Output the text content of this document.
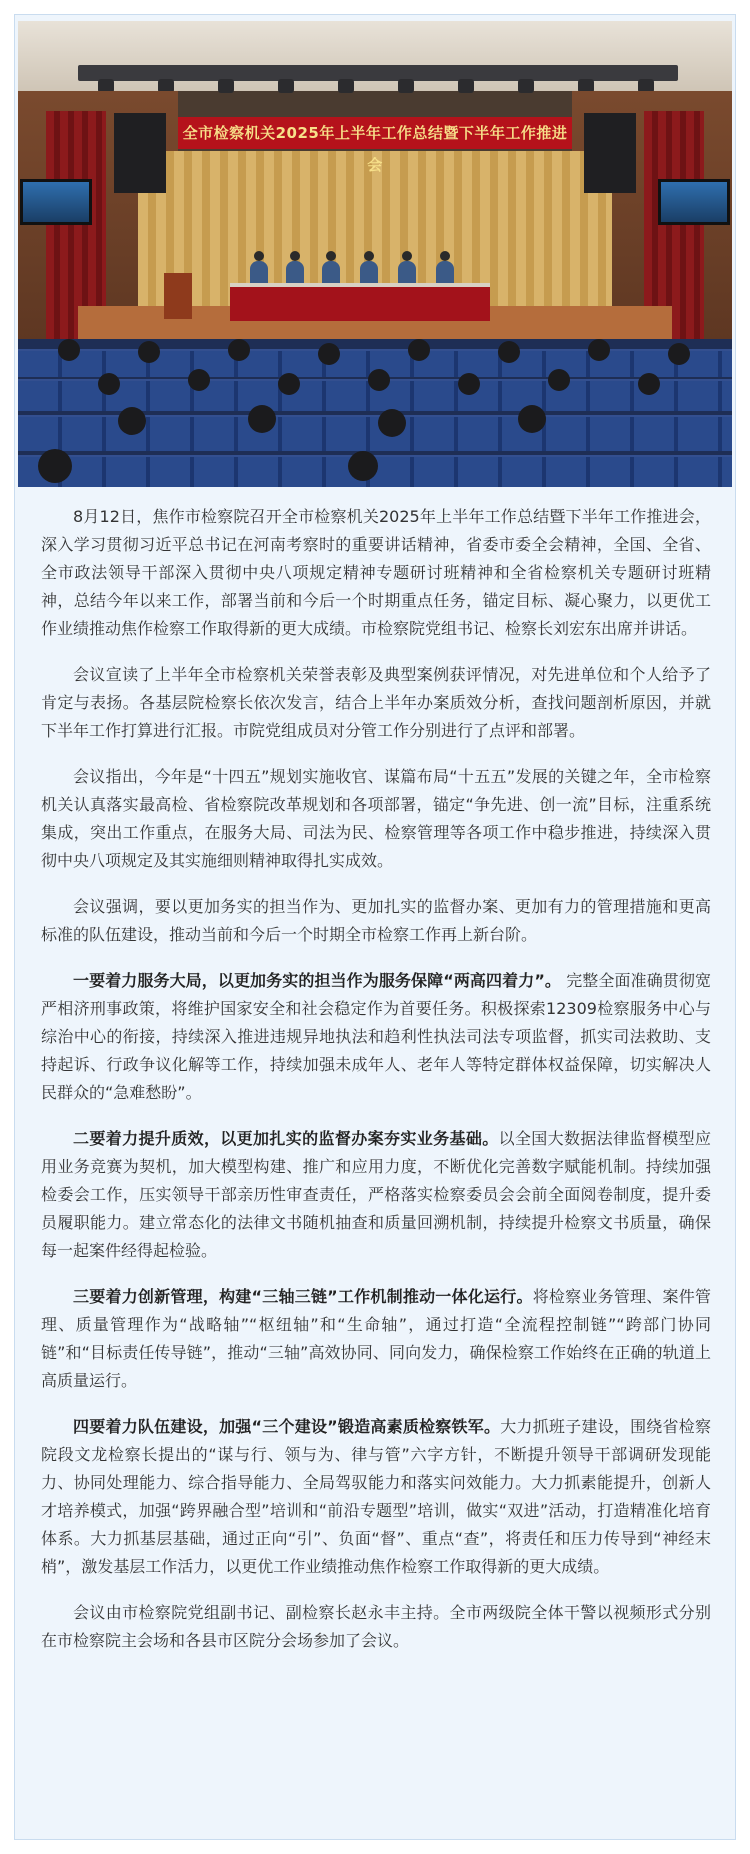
全市检察机关2025年上半年工作总结暨下半年工作推进会

8月12日，焦作市检察院召开全市检察机关2025年上半年工作总结暨下半年工作推进会，深入学习贯彻习近平总书记在河南考察时的重要讲话精神，省委市委全会精神，全国、全省、全市政法领导干部深入贯彻中央八项规定精神专题研讨班精神和全省检察机关专题研讨班精神，总结今年以来工作，部署当前和今后一个时期重点任务，锚定目标、凝心聚力，以更优工作业绩推动焦作检察工作取得新的更大成绩。市检察院党组书记、检察长刘宏东出席并讲话。

会议宣读了上半年全市检察机关荣誉表彰及典型案例获评情况，对先进单位和个人给予了肯定与表扬。各基层院检察长依次发言，结合上半年办案质效分析，查找问题剖析原因，并就下半年工作打算进行汇报。市院党组成员对分管工作分别进行了点评和部署。

会议指出，今年是“十四五”规划实施收官、谋篇布局“十五五”发展的关键之年，全市检察机关认真落实最高检、省检察院改革规划和各项部署，锚定“争先进、创一流”目标，注重系统集成，突出工作重点，在服务大局、司法为民、检察管理等各项工作中稳步推进，持续深入贯彻中央八项规定及其实施细则精神取得扎实成效。

会议强调，要以更加务实的担当作为、更加扎实的监督办案、更加有力的管理措施和更高标准的队伍建设，推动当前和今后一个时期全市检察工作再上新台阶。

一要着力服务大局，以更加务实的担当作为服务保障“两高四着力”。 完整全面准确贯彻宽严相济刑事政策，将维护国家安全和社会稳定作为首要任务。积极探索12309检察服务中心与综治中心的衔接，持续深入推进违规异地执法和趋利性执法司法专项监督，抓实司法救助、支持起诉、行政争议化解等工作，持续加强未成年人、老年人等特定群体权益保障，切实解决人民群众的“急难愁盼”。

二要着力提升质效，以更加扎实的监督办案夯实业务基础。以全国大数据法律监督模型应用业务竞赛为契机，加大模型构建、推广和应用力度，不断优化完善数字赋能机制。持续加强检委会工作，压实领导干部亲历性审查责任，严格落实检察委员会会前全面阅卷制度，提升委员履职能力。建立常态化的法律文书随机抽查和质量回溯机制，持续提升检察文书质量，确保每一起案件经得起检验。

三要着力创新管理，构建“三轴三链”工作机制推动一体化运行。将检察业务管理、案件管理、质量管理作为“战略轴”“枢纽轴”和“生命轴”，通过打造“全流程控制链”“跨部门协同链”和“目标责任传导链”，推动“三轴”高效协同、同向发力，确保检察工作始终在正确的轨道上高质量运行。

四要着力队伍建设，加强“三个建设”锻造高素质检察铁军。大力抓班子建设，围绕省检察院段文龙检察长提出的“谋与行、领与为、律与管”六字方针，不断提升领导干部调研发现能力、协同处理能力、综合指导能力、全局驾驭能力和落实问效能力。大力抓素能提升，创新人才培养模式，加强“跨界融合型”培训和“前沿专题型”培训，做实“双进”活动，打造精准化培育体系。大力抓基层基础，通过正向“引”、负面“督”、重点“查”，将责任和压力传导到“神经末梢”，激发基层工作活力，以更优工作业绩推动焦作检察工作取得新的更大成绩。

会议由市检察院党组副书记、副检察长赵永丰主持。全市两级院全体干警以视频形式分别在市检察院主会场和各县市区院分会场参加了会议。
